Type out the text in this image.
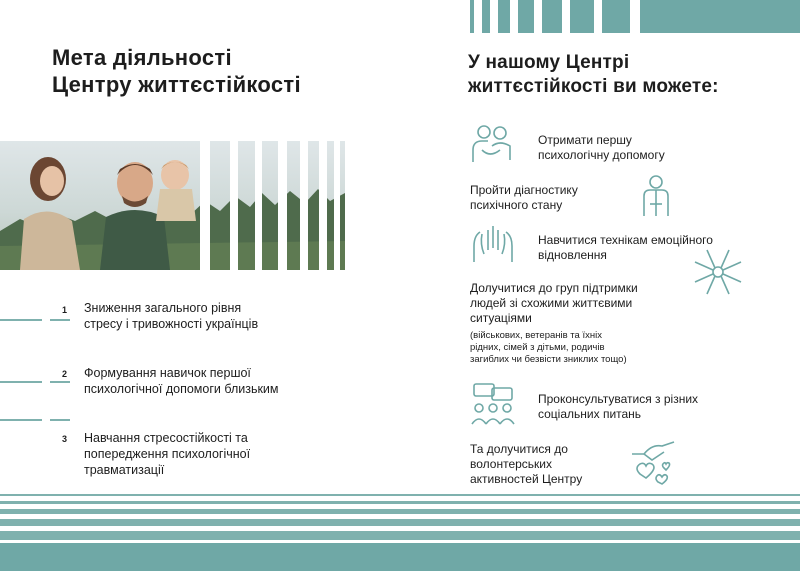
Мета діяльності
Центру життєстійкості
1 Зниження загального рівня
стресу і тривожності українців
2 Формування навичок першої
психологічної допомоги близьким
3 Навчання стресостійкості та
попередження психологічної
травматизації
У нашому Центрі
життєстійкості ви можете:
Отримати першу
психологічну допомогу
Пройти діагностику
психічного стану
Навчитися технікам емоційного
відновлення
Долучитися до груп підтримки
людей зі схожими життєвими
ситуаціями
(військових, ветеранів та їхніх
рідних, сімей з дітьми, родичів
загиблих чи безвісти зниклих тощо)
Проконсультуватися з різних
соціальних питань
Та долучитися до
волонтерських
активностей Центру
